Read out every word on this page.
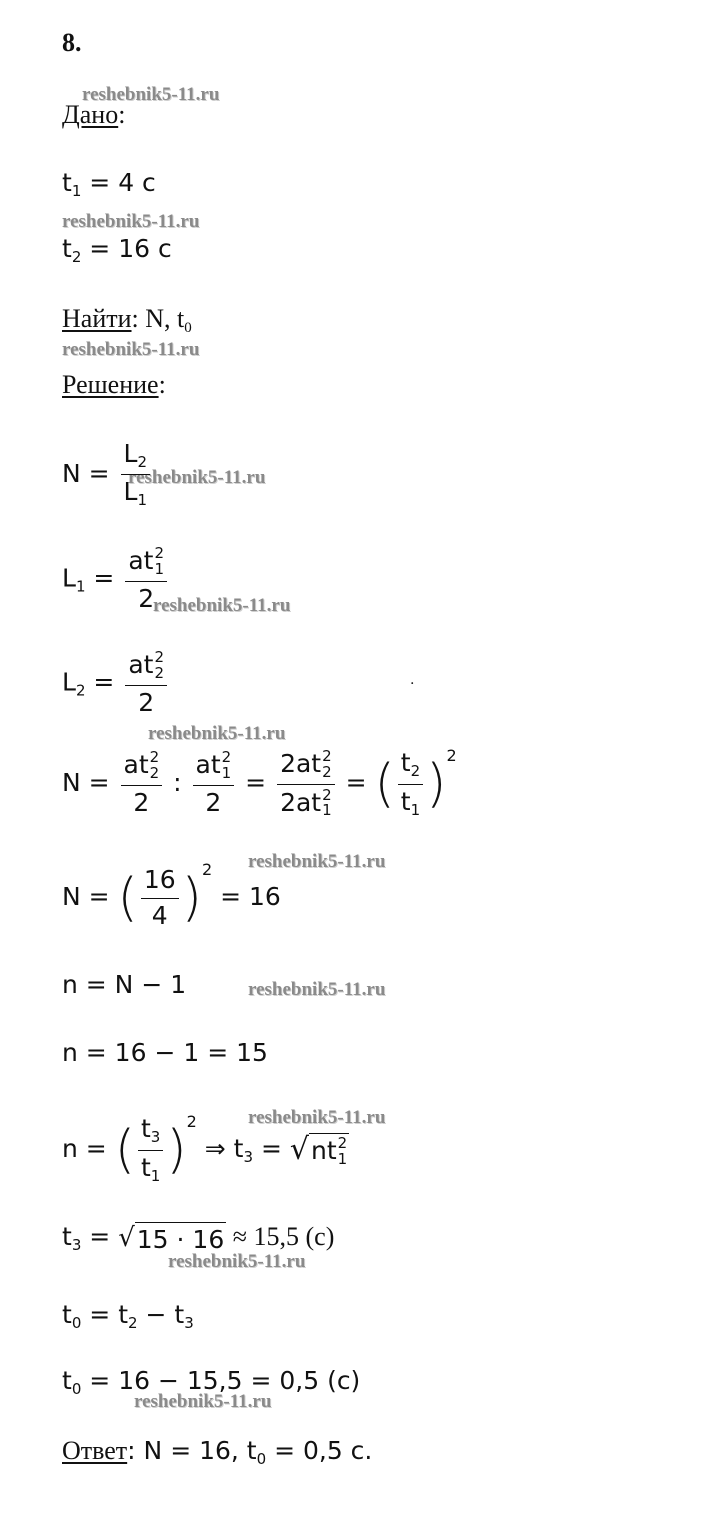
8.
reshebnik5-11.ru
reshebnik5-11.ru
reshebnik5-11.ru
reshebnik5-11.ru
reshebnik5-11.ru
reshebnik5-11.ru
reshebnik5-11.ru
reshebnik5-11.ru
reshebnik5-11.ru
reshebnik5-11.ru
reshebnik5-11.ru
Дано:
$t_1 = 4$ c
$t_2 = 16$ c
Найти: N, $t_0$
Решение:
$N = \frac{L_2}{L_1}$
$L_1$ = at 2
1
2
$L_2$ = at 2
2
2	.
N = at 2
2
2 : at 2
1
2 = 2at 2
2
2at 2
1 = ( $\frac{t_2}{t_1} )^2$
N = ( $\frac{16}{4} )^2 = 16$
n = N − 1
n = 16 − 1 = 15
n = ( $\frac{t_3}{t_1} )^2$ ⇒ $t_3 = √nt$ 2
1
$t_3 = √15 \cdot 16 \approx 15,5$ (с)
$t_0 = t_2 - t_3$
$t_0 = 16 - 15,5 = 0,5$ (с)
Ответ: N = 16, $t_0 = 0,5$ с.
